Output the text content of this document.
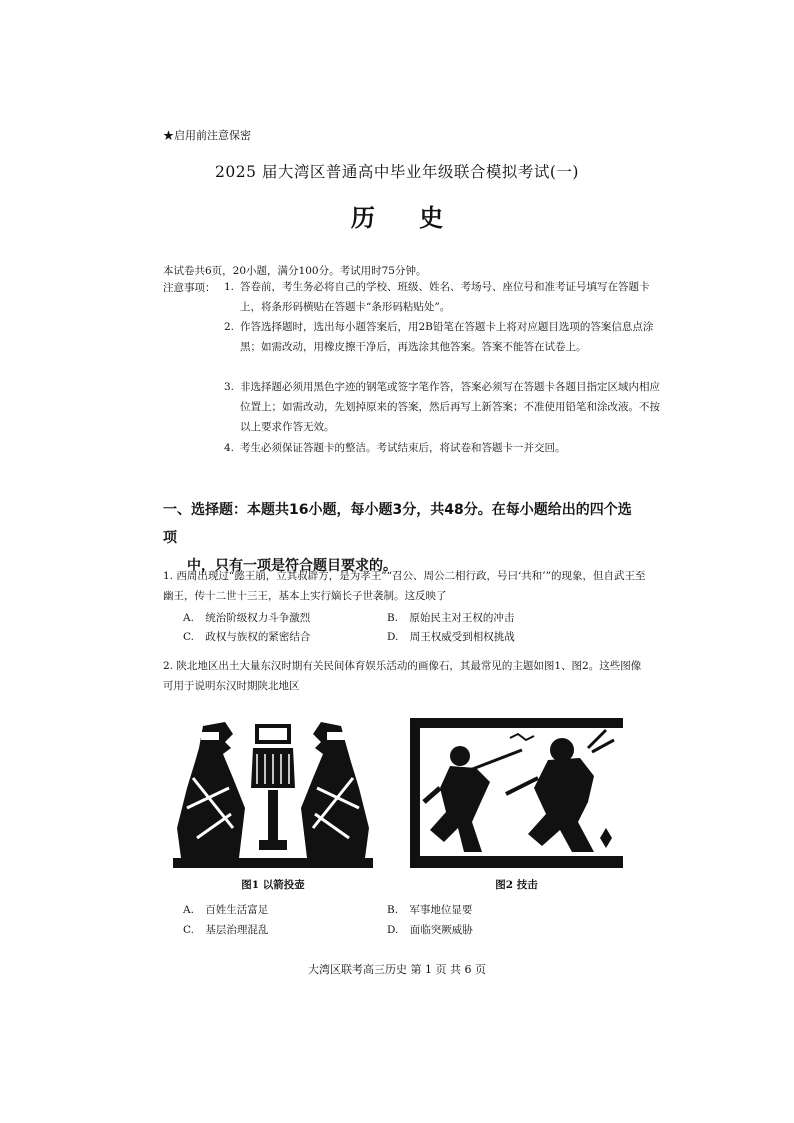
★启用前注意保密
2025 届大湾区普通高中毕业年级联合模拟考试(一)
历 史
本试卷共6页，20小题，满分100分。考试用时75分钟。
注意事项： 1. 答卷前，考生务必将自己的学校、班级、姓名、考场号、座位号和准考证号填写在答题卡上，将条形码横贴在答题卡“条形码粘贴处”。
2. 作答选择题时，选出每小题答案后，用2B铅笔在答题卡上将对应题目选项的答案信息点涂黑；如需改动，用橡皮擦干净后，再选涂其他答案。答案不能答在试卷上。
3. 非选择题必须用黑色字迹的钢笔或签字笔作答，答案必须写在答题卡各题目指定区域内相应位置上；如需改动，先划掉原来的答案，然后再写上新答案；不准使用铅笔和涂改液。不按以上要求作答无效。
4. 考生必须保证答题卡的整洁。考试结束后，将试卷和答题卡一并交回。
一、选择题：本题共16小题，每小题3分，共48分。在每小题给出的四个选项
中，只有一项是符合题目要求的。
1. 西周出现过“懿王崩，立其叔辟方，是为孝王”“召公、周公二相行政，号曰‘共和’”的现象，但自武王至幽王，传十二世十三王，基本上实行嫡长子世袭制。这反映了
A. 统治阶级权力斗争激烈	B. 原始民主对王权的冲击
C. 政权与族权的紧密结合	D. 周王权威受到相权挑战
2. 陕北地区出土大量东汉时期有关民间体育娱乐活动的画像石，其最常见的主题如图1、图2。这些图像可用于说明东汉时期陕北地区
图1 以箭投壶	图2 技击
A. 百姓生活富足	B. 军事地位显要
C. 基层治理混乱	D. 面临突厥威胁
大湾区联考高三历史 第 1 页 共 6 页
